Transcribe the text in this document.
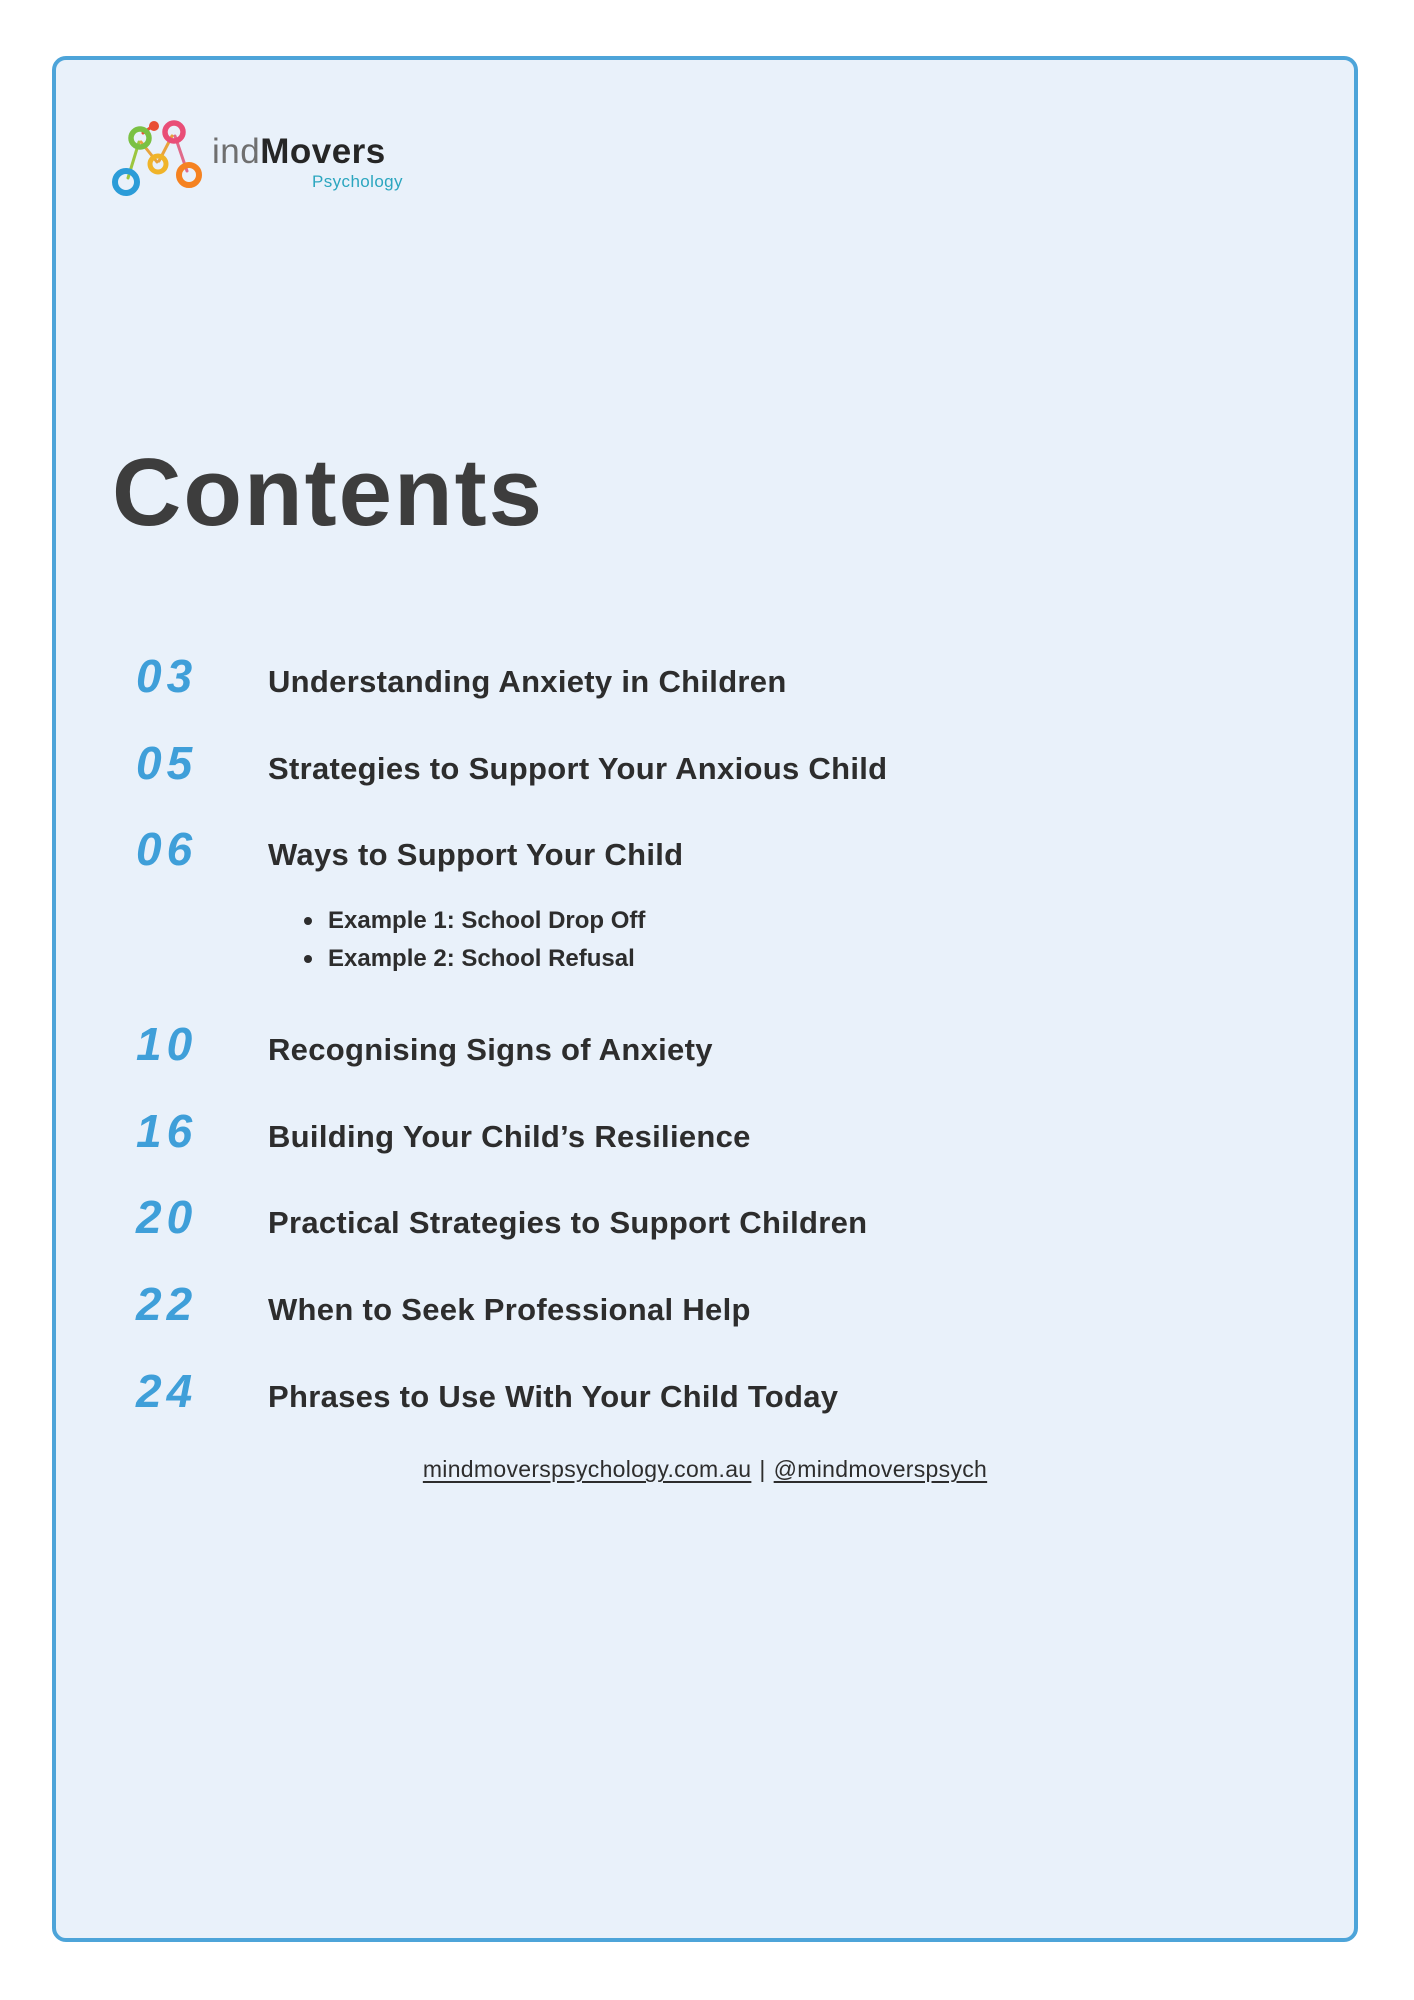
indMovers
Psychology
Contents
03	Understanding Anxiety in Children
05	Strategies to Support Your Anxious Child
06	Ways to Support Your Child
Example 1: School Drop Off
Example 2: School Refusal
10	Recognising Signs of Anxiety
16	Building Your Child’s Resilience
20	Practical Strategies to Support Children
22	When to Seek Professional Help
24	Phrases to Use With Your Child Today
mindmoverspsychology.com.au | @mindmoverspsych
